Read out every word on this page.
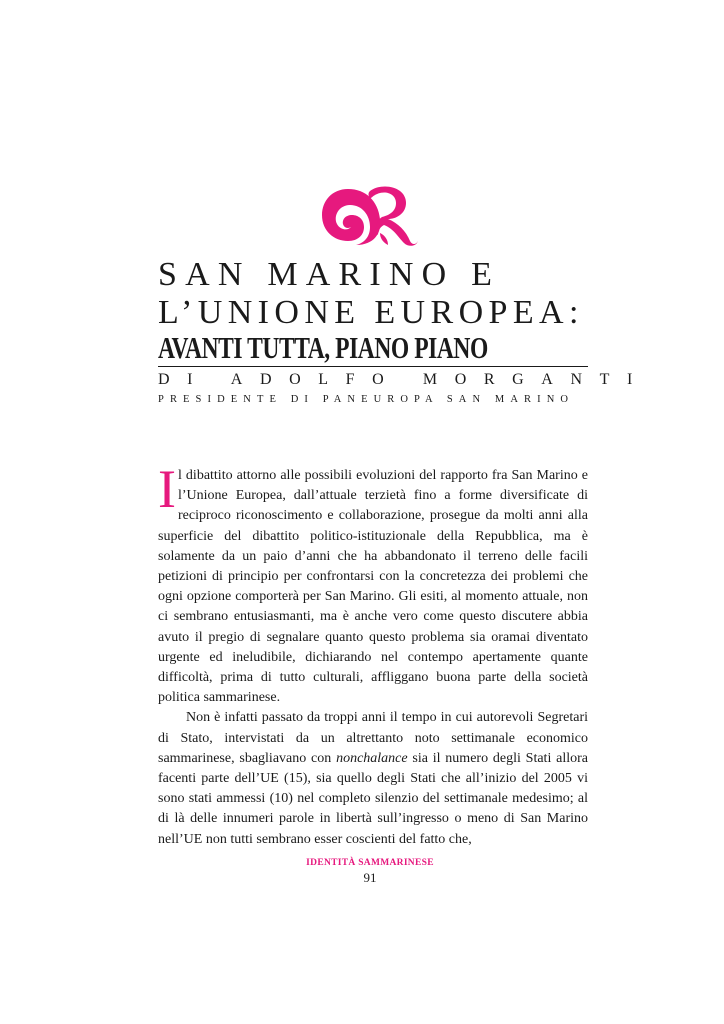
SAN MARINO E
L’UNIONE EUROPEA:
AVANTI TUTTA, PIANO PIANO
DI ADOLFO MORGANTI
PRESIDENTE DI PANEUROPA SAN MARINO

Il dibattito attorno alle possibili evoluzioni del rapporto fra San Marino e l’Unione Europea, dall’attuale terzietà fino a forme diversificate di reciproco riconoscimento e collaborazione, prosegue da molti anni alla superficie del dibattito politico-istituzionale della Repubblica, ma è solamente da un paio d’anni che ha abbandonato il terreno delle facili petizioni di principio per confrontarsi con la concretezza dei problemi che ogni opzione comporterà per San Marino. Gli esiti, al momento attuale, non ci sembrano entusiasmanti, ma è anche vero come questo discutere abbia avuto il pregio di segnalare quanto questo problema sia oramai diventato urgente ed ineludibile, dichiarando nel contempo apertamente quante difficoltà, prima di tutto culturali, affliggano buona parte della società politica sammarinese.

Non è infatti passato da troppi anni il tempo in cui autorevoli Segretari di Stato, intervistati da un altrettanto noto settimanale economico sammarinese, sbagliavano con nonchalance sia il numero degli Stati allora facenti parte dell’UE (15), sia quello degli Stati che all’inizio del 2005 vi sono stati ammessi (10) nel completo silenzio del settimanale medesimo; al di là delle innumeri parole in libertà sull’ingresso o meno di San Marino nell’UE non tutti sembrano esser coscienti del fatto che,

IDENTITÀ SAMMARINESE
91
